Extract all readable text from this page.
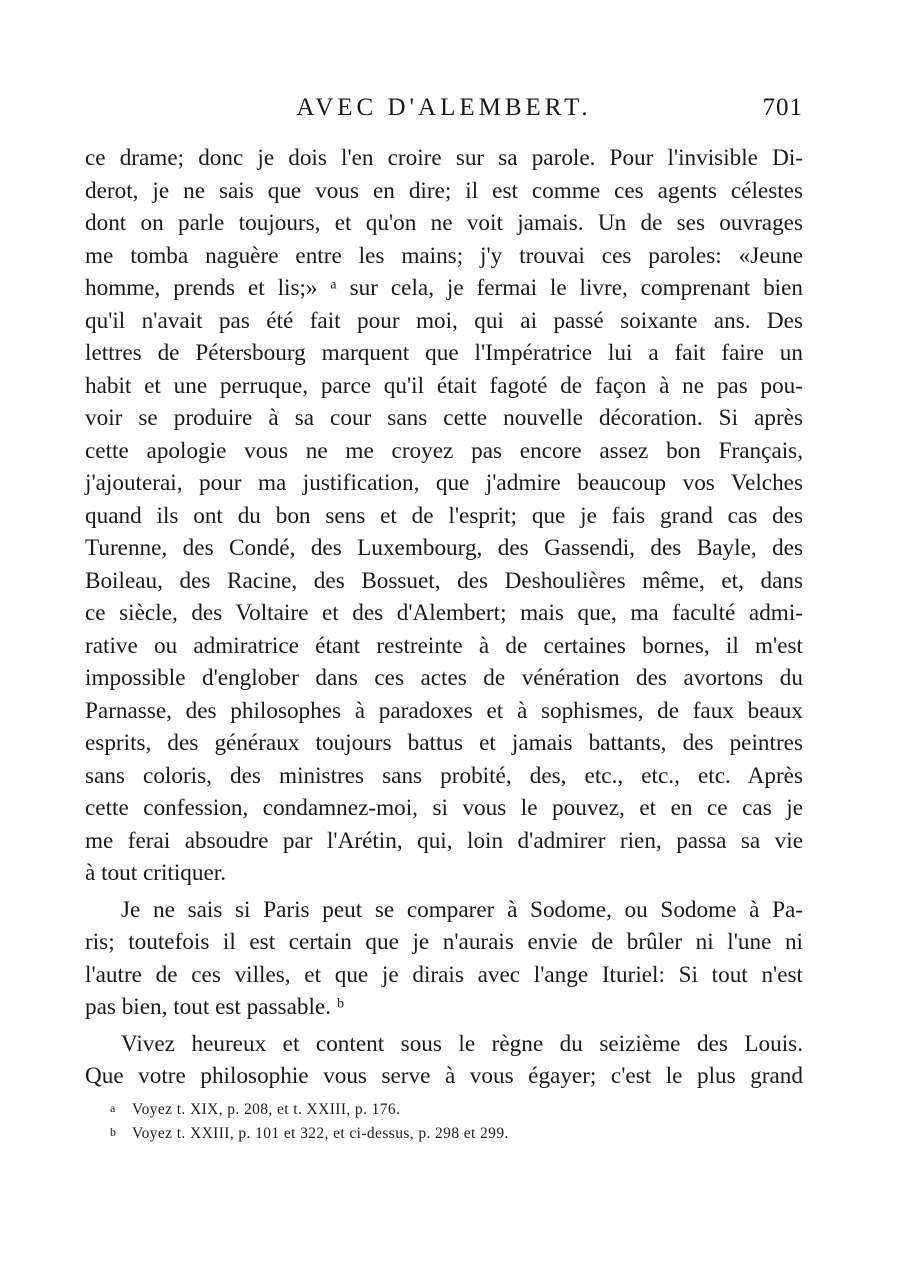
AVEC D'ALEMBERT.	701
ce drame; donc je dois l'en croire sur sa parole. Pour l'invisible Di-
derot, je ne sais que vous en dire; il est comme ces agents célestes
dont on parle toujours, et qu'on ne voit jamais. Un de ses ouvrages
me tomba naguère entre les mains; j'y trouvai ces paroles: «Jeune
homme, prends et lis;» ᵃ sur cela, je fermai le livre, comprenant bien
qu'il n'avait pas été fait pour moi, qui ai passé soixante ans. Des
lettres de Pétersbourg marquent que l'Impératrice lui a fait faire un
habit et une perruque, parce qu'il était fagoté de façon à ne pas pou-
voir se produire à sa cour sans cette nouvelle décoration. Si après
cette apologie vous ne me croyez pas encore assez bon Français,
j'ajouterai, pour ma justification, que j'admire beaucoup vos Velches
quand ils ont du bon sens et de l'esprit; que je fais grand cas des
Turenne, des Condé, des Luxembourg, des Gassendi, des Bayle, des
Boileau, des Racine, des Bossuet, des Deshoulières même, et, dans
ce siècle, des Voltaire et des d'Alembert; mais que, ma faculté admi-
rative ou admiratrice étant restreinte à de certaines bornes, il m'est
impossible d'englober dans ces actes de vénération des avortons du
Parnasse, des philosophes à paradoxes et à sophismes, de faux beaux
esprits, des généraux toujours battus et jamais battants, des peintres
sans coloris, des ministres sans probité, des, etc., etc., etc. Après
cette confession, condamnez-moi, si vous le pouvez, et en ce cas je
me ferai absoudre par l'Arétin, qui, loin d'admirer rien, passa sa vie
à tout critiquer.
Je ne sais si Paris peut se comparer à Sodome, ou Sodome à Pa-
ris; toutefois il est certain que je n'aurais envie de brûler ni l'une ni
l'autre de ces villes, et que je dirais avec l'ange Ituriel: Si tout n'est
pas bien, tout est passable. ᵇ
Vivez heureux et content sous le règne du seizième des Louis.
Que votre philosophie vous serve à vous égayer; c'est le plus grand
a Voyez t. XIX, p. 208, et t. XXIII, p. 176.
b Voyez t. XXIII, p. 101 et 322, et ci-dessus, p. 298 et 299.
